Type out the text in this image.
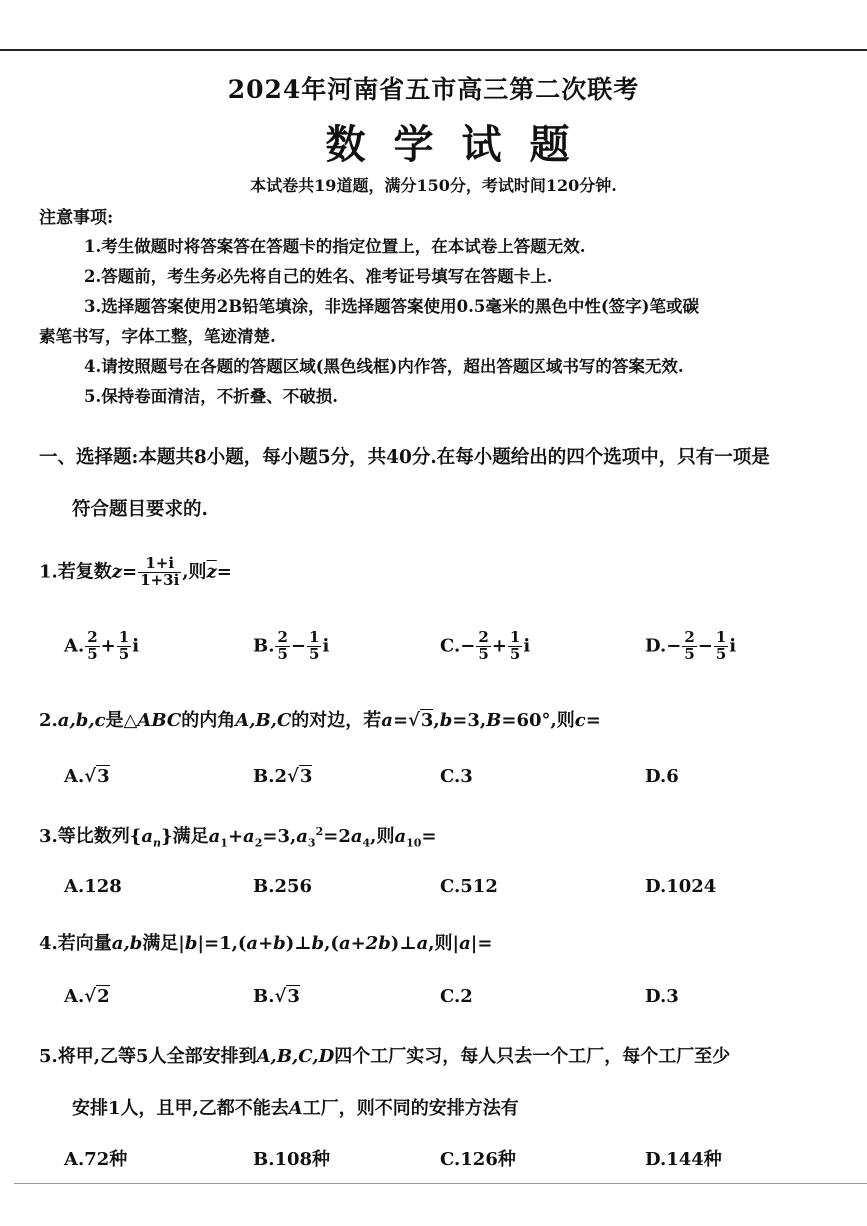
2024年河南省五市高三第二次联考
数学试题
本试卷共19道题，满分150分，考试时间120分钟.
注意事项:
1.考生做题时将答案答在答题卡的指定位置上，在本试卷上答题无效.
2.答题前，考生务必先将自己的姓名、准考证号填写在答题卡上.
3.选择题答案使用2B铅笔填涂，非选择题答案使用0.5毫米的黑色中性(签字)笔或碳
素笔书写，字体工整，笔迹清楚.
4.请按照题号在各题的答题区域(黑色线框)内作答，超出答题区域书写的答案无效.
5.保持卷面清洁，不折叠、不破损.
一、选择题:本题共8小题，每小题5分，共40分.在每小题给出的四个选项中，只有一项是
符合题目要求的.
1.若复数$z= \frac{1+i}{1+3i}$ ,则$\overline{z}=$
A. $\frac{2}{5} + \frac{1}{5}$ i	B. $\frac{2}{5} - \frac{1}{5}$ i	$C.- \frac{2}{5} + \frac{1}{5}$ i	$D.- \frac{2}{5} - \frac{1}{5}$ i
2.a,b,c是△ABC的内角A,B,C的对边，若a=√3,b=3,B=60°,则c=
A.√3	B.2√3	C.3	D.6
3.等比数列$\{a_n\}$满足$a_1+a_2=3,a_3^2=2a_4$,则$a_{10}=$
A.128	B.256	C.512	D.1024
4.若向量a,b满足|b|=1,(a+b)⊥b,(a+2b)⊥a,则|a|=
A.√2	B.√3	C.2	D.3
5.将甲,乙等5人全部安排到A,B,C,D四个工厂实习，每人只去一个工厂，每个工厂至少
安排1人，且甲,乙都不能去A工厂，则不同的安排方法有
A.72种	B.108种	C.126种	D.144种
